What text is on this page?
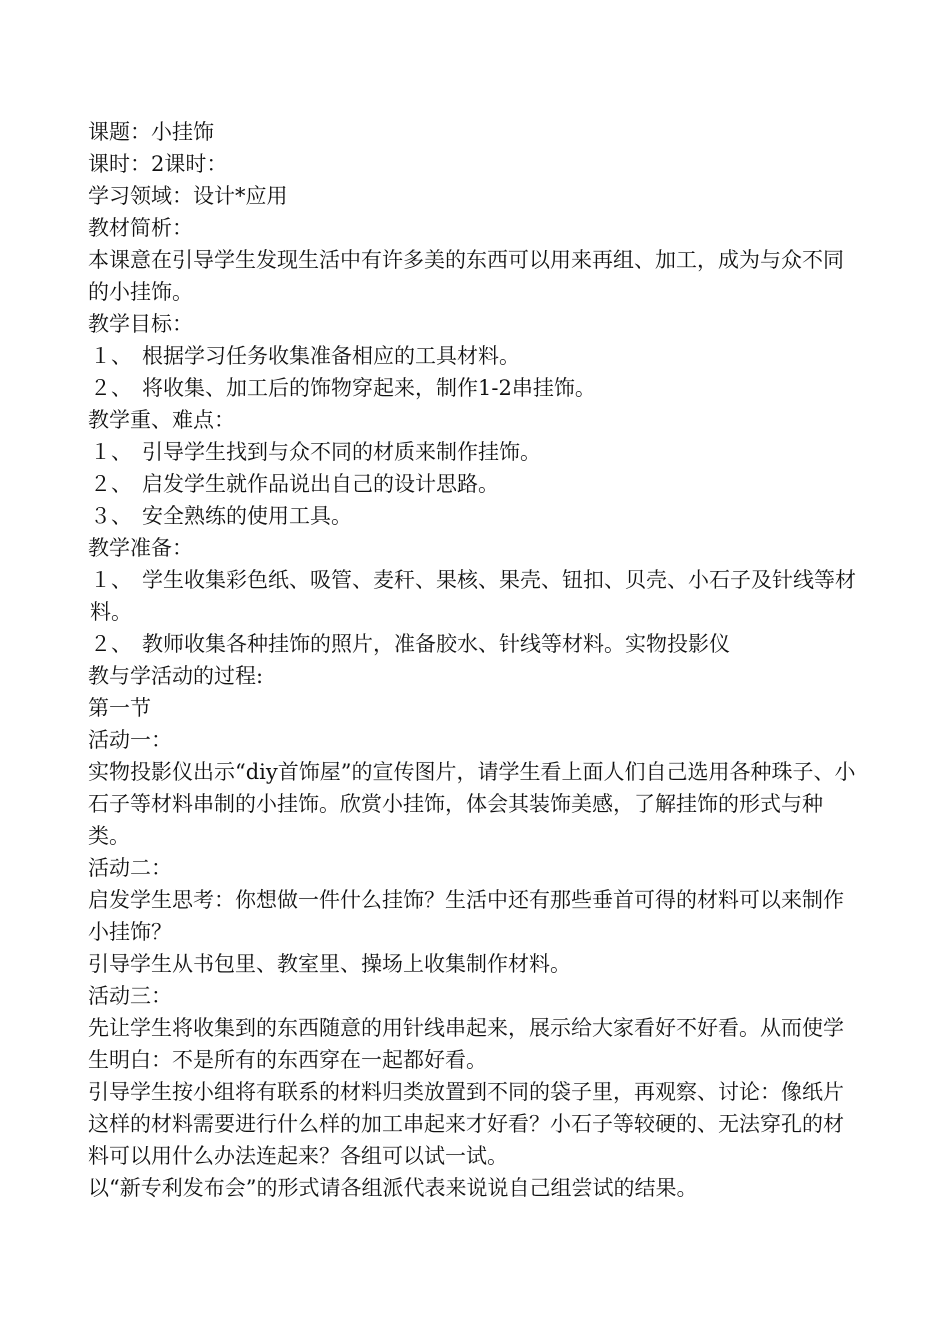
课题：小挂饰
课时：2课时：
学习领域：设计*应用
教材简析：
本课意在引导学生发现生活中有许多美的东西可以用来再组、加工，成为与众不同的小挂饰。
教学目标：
１、 根据学习任务收集准备相应的工具材料。
２、 将收集、加工后的饰物穿起来，制作1-2串挂饰。
教学重、难点：
１、 引导学生找到与众不同的材质来制作挂饰。
２、 启发学生就作品说出自己的设计思路。
３、 安全熟练的使用工具。
教学准备：
１、 学生收集彩色纸、吸管、麦秆、果核、果壳、钮扣、贝壳、小石子及针线等材料。
２、 教师收集各种挂饰的照片，准备胶水、针线等材料。实物投影仪
教与学活动的过程:
第一节
活动一：
实物投影仪出示“diy首饰屋”的宣传图片，请学生看上面人们自己选用各种珠子、小石子等材料串制的小挂饰。欣赏小挂饰，体会其装饰美感，了解挂饰的形式与种类。
活动二：
启发学生思考：你想做一件什么挂饰？生活中还有那些垂首可得的材料可以来制作小挂饰？
引导学生从书包里、教室里、操场上收集制作材料。
活动三：
先让学生将收集到的东西随意的用针线串起来，展示给大家看好不好看。从而使学生明白：不是所有的东西穿在一起都好看。
引导学生按小组将有联系的材料归类放置到不同的袋子里，再观察、讨论：像纸片这样的材料需要进行什么样的加工串起来才好看？小石子等较硬的、无法穿孔的材料可以用什么办法连起来？各组可以试一试。
以“新专利发布会”的形式请各组派代表来说说自己组尝试的结果。
